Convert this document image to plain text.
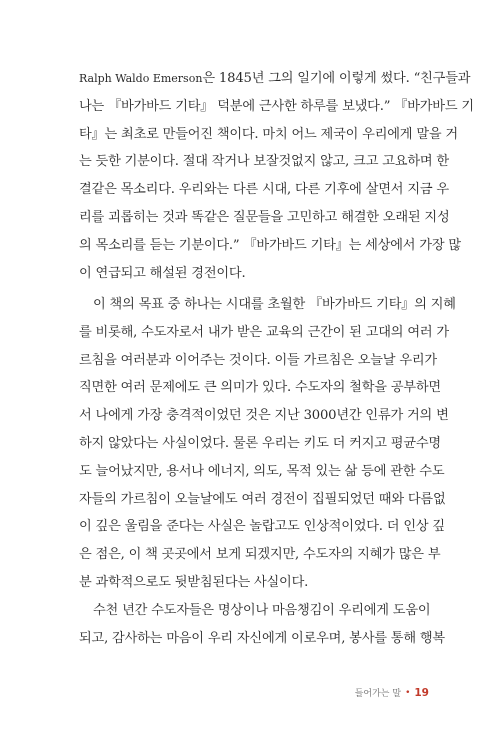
Ralph Waldo Emerson은 1845년 그의 일기에 이렇게 썼다. “친구들과
나는 『바가바드 기타』 덕분에 근사한 하루를 보냈다.” 『바가바드 기
타』는 최초로 만들어진 책이다. 마치 어느 제국이 우리에게 말을 거
는 듯한 기분이다. 절대 작거나 보잘것없지 않고, 크고 고요하며 한
결같은 목소리다. 우리와는 다른 시대, 다른 기후에 살면서 지금 우
리를 괴롭히는 것과 똑같은 질문들을 고민하고 해결한 오래된 지성
의 목소리를 듣는 기분이다.” 『바가바드 기타』는 세상에서 가장 많
이 연급되고 해설된 경전이다.
이 책의 목표 중 하나는 시대를 초월한 『바가바드 기타』의 지혜
를 비롯해, 수도자로서 내가 받은 교육의 근간이 된 고대의 여러 가
르침을 여러분과 이어주는 것이다. 이들 가르침은 오늘날 우리가
직면한 여러 문제에도 큰 의미가 있다. 수도자의 철학을 공부하면
서 나에게 가장 충격적이었던 것은 지난 3000년간 인류가 거의 변
하지 않았다는 사실이었다. 물론 우리는 키도 더 커지고 평균수명
도 늘어났지만, 용서나 에너지, 의도, 목적 있는 삶 등에 관한 수도
자들의 가르침이 오늘날에도 여러 경전이 집필되었던 때와 다름없
이 깊은 울림을 준다는 사실은 놀랍고도 인상적이었다. 더 인상 깊
은 점은, 이 책 곳곳에서 보게 되겠지만, 수도자의 지혜가 많은 부
분 과학적으로도 뒷받침된다는 사실이다.
수천 년간 수도자들은 명상이나 마음챙김이 우리에게 도움이
되고, 감사하는 마음이 우리 자신에게 이로우며, 봉사를 통해 행복
들어가는 말 • 19
